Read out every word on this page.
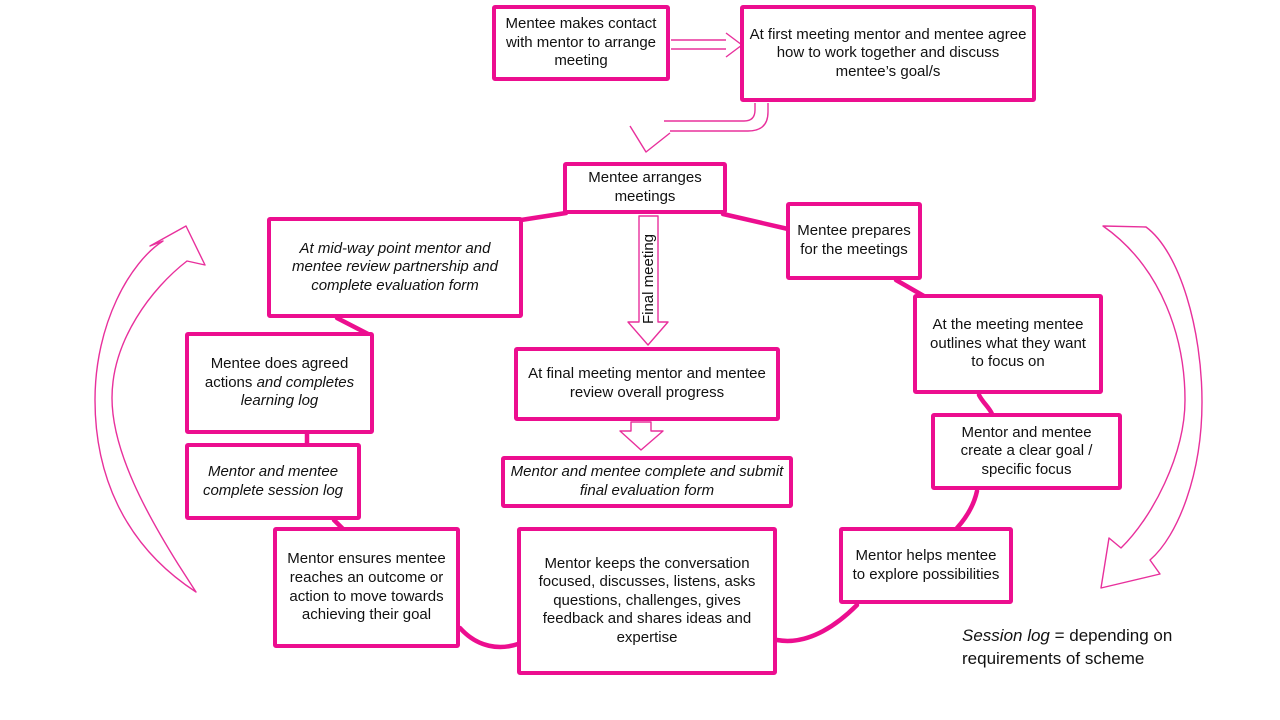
Mentee makes contact with mentor to arrange meeting
At first meeting mentor and mentee agree how to work together and discuss mentee’s goal/s
Mentee arranges meetings
At mid-way point mentor and mentee review partnership and complete evaluation form
Mentee prepares for the meetings
At the meeting mentee outlines what they want to focus on
Mentee does agreed actions and completes learning log
At final meeting mentor and mentee review overall progress
Mentor and mentee create a clear goal / specific focus
Mentor and mentee complete session log
Mentor and mentee complete and submit final evaluation form
Mentor ensures mentee reaches an outcome or action to move towards achieving their goal
Mentor keeps the conversation focused, discusses, listens, asks questions, challenges, gives feedback and shares ideas and expertise
Mentor helps mentee to explore possibilities
Final meeting
Session log = depending on requirements of scheme
